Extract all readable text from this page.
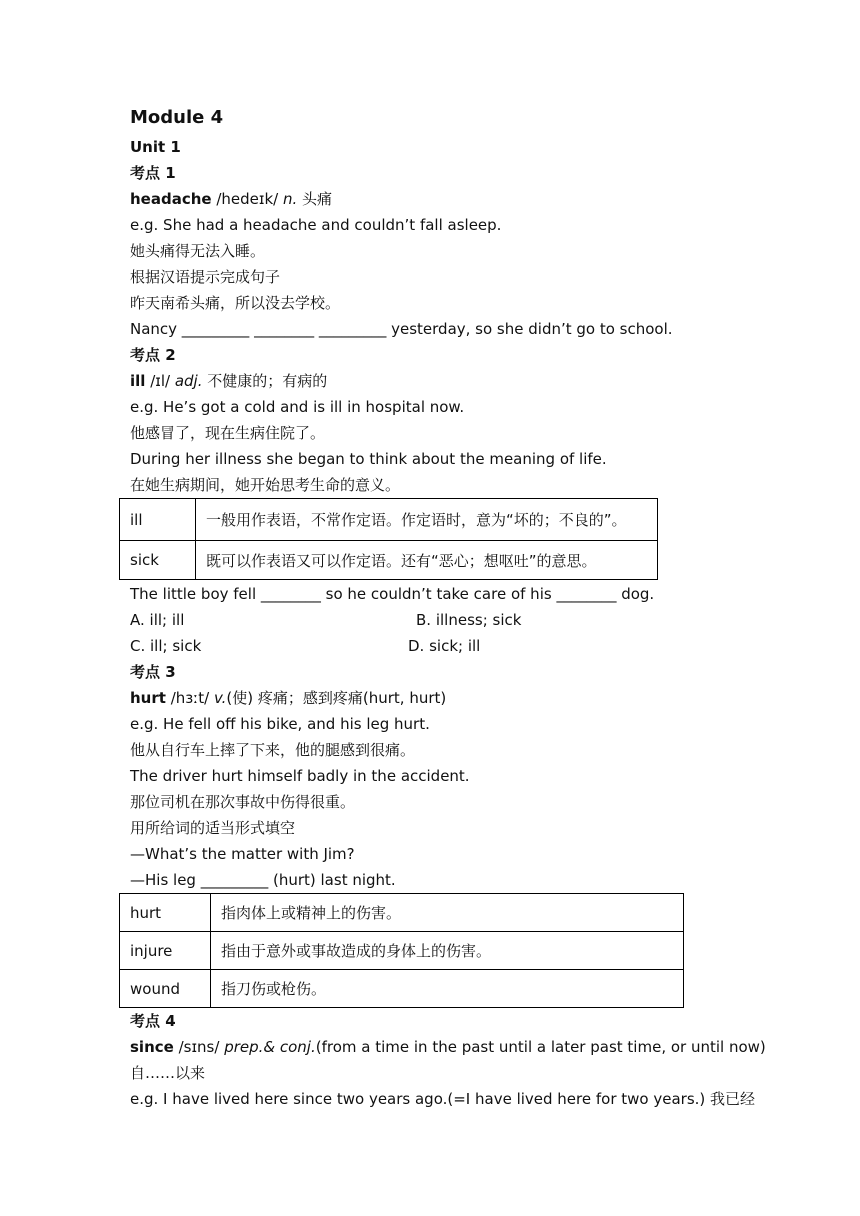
Module 4
Unit 1
考点 1
headache /hedeɪk/ n. 头痛
e.g. She had a headache and couldn’t fall asleep.
她头痛得无法入睡。
根据汉语提示完成句子
昨天南希头痛，所以没去学校。
Nancy _________ ________ _________ yesterday, so she didn’t go to school.
考点 2
ill /ɪl/ adj. 不健康的；有病的
e.g. He’s got a cold and is ill in hospital now.
他感冒了，现在生病住院了。
During her illness she began to think about the meaning of life.
在她生病期间，她开始思考生命的意义。
ill	一般用作表语，不常作定语。作定语时，意为“坏的；不良的”。
sick	既可以作表语又可以作定语。还有“恶心；想呕吐”的意思。
The little boy fell ________ so he couldn’t take care of his ________ dog.
A. ill; ill	B. illness; sick
C. ill; sick	D. sick; ill
考点 3
hurt /hɜːt/ v.(使) 疼痛；感到疼痛(hurt, hurt)
e.g. He fell off his bike, and his leg hurt.
他从自行车上摔了下来，他的腿感到很痛。
The driver hurt himself badly in the accident.
那位司机在那次事故中伤得很重。
用所给词的适当形式填空
—What’s the matter with Jim?
—His leg _________ (hurt) last night.
hurt	指肉体上或精神上的伤害。
injure	指由于意外或事故造成的身体上的伤害。
wound	指刀伤或枪伤。
考点 4
since /sɪns/ prep.& conj.(from a time in the past until a later past time, or until now)
自……以来
e.g. I have lived here since two years ago.(=I have lived here for two years.) 我已经
